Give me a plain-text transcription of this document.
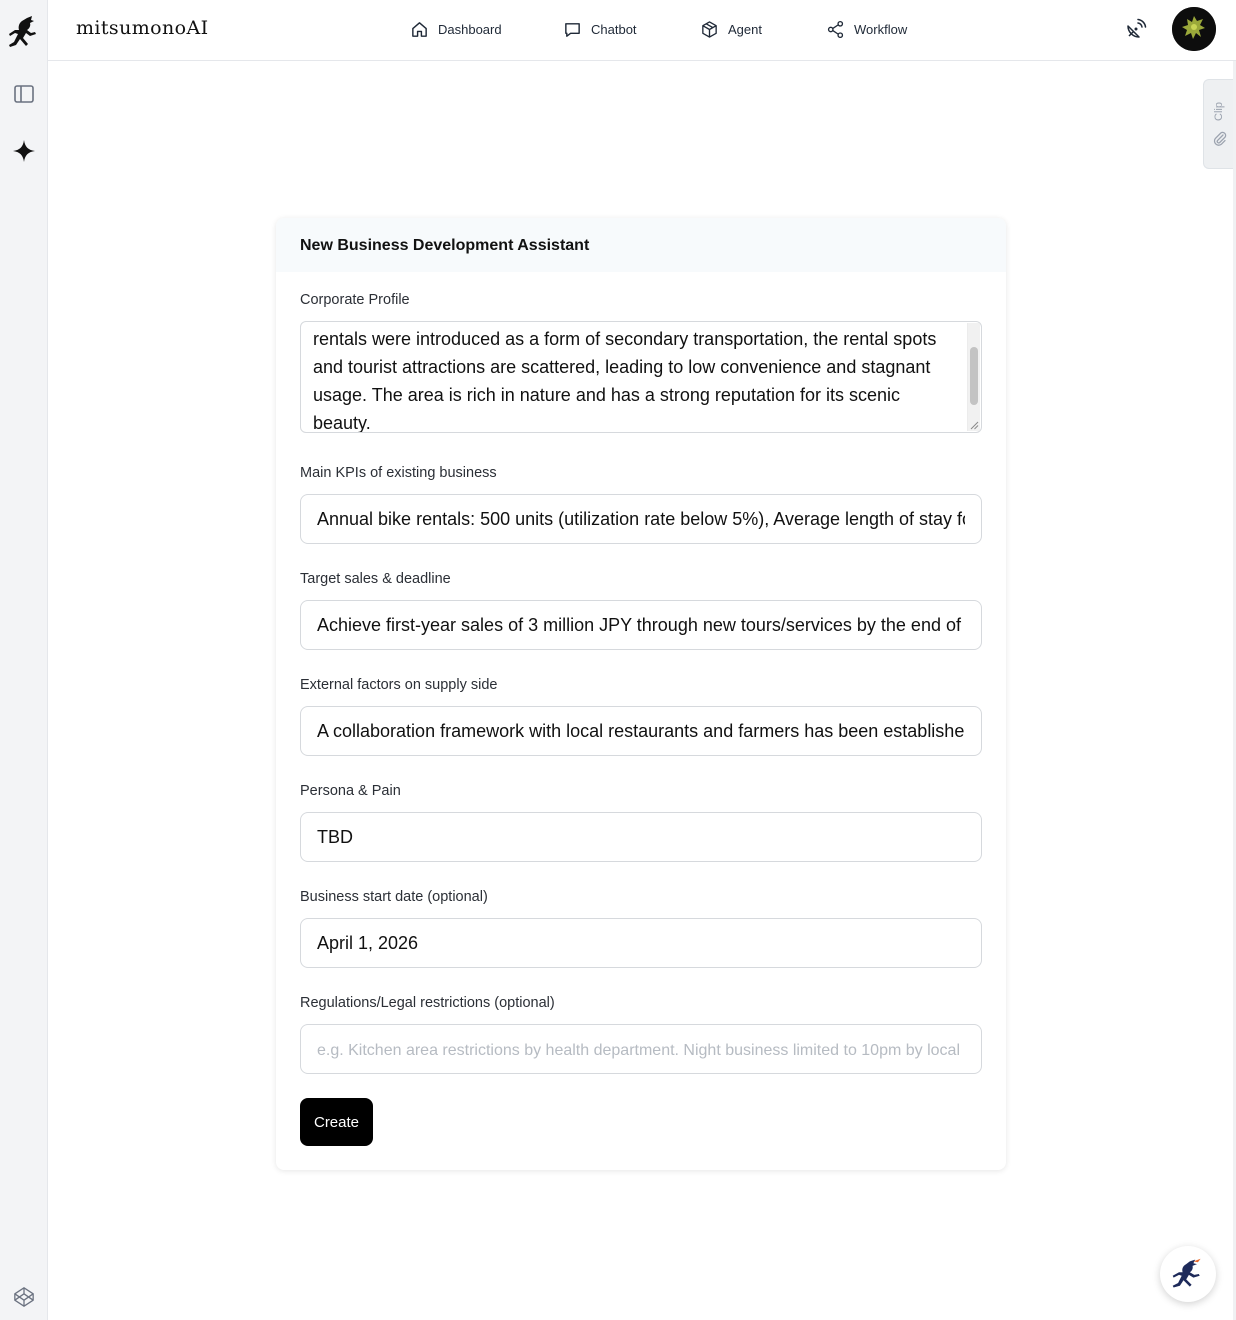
mitsumonoAI	Dashboard	Chatbot	Agent	Workflow
Clip
New Business Development Assistant
Corporate Profile
rentals were introduced as a form of secondary transportation, the rental spots and tourist attractions are scattered, leading to low convenience and stagnant usage. The area is rich in nature and has a strong reputation for its scenic beauty.
Main KPIs of existing business
Annual bike rentals: 500 units (utilization rate below 5%), Average length of stay for
Target sales & deadline
Achieve first-year sales of 3 million JPY through new tours/services by the end of
External factors on supply side
A collaboration framework with local restaurants and farmers has been established
Persona & Pain
TBD
Business start date (optional)
April 1, 2026
Regulations/Legal restrictions (optional)
e.g. Kitchen area restrictions by health department. Night business limited to 10pm by local
Create
